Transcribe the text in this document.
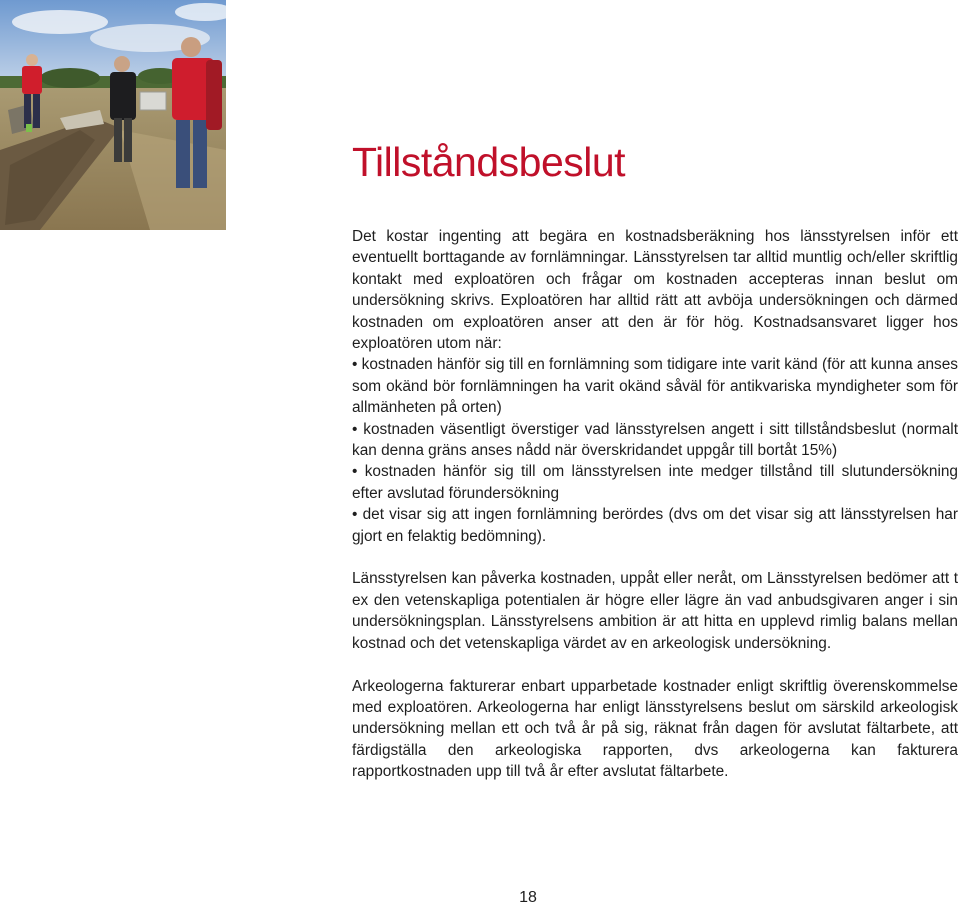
Tillståndsbeslut

Det kostar ingenting att begära en kostnadsberäkning hos länsstyrelsen inför ett eventuellt borttagande av fornlämningar. Länsstyrelsen tar alltid muntlig och/eller skriftlig kontakt med exploatören och frågar om kostnaden accepteras innan beslut om undersökning skrivs. Exploatören har alltid rätt att avböja undersökningen och därmed kostnaden om exploatören anser att den är för hög. Kostnadsansvaret ligger hos exploatören utom när:
• kostnaden hänför sig till en fornlämning som tidigare inte varit känd (för att kunna anses som okänd bör fornlämningen ha varit okänd såväl för antikvariska myndigheter som för allmänheten på orten)
• kostnaden väsentligt överstiger vad länsstyrelsen angett i sitt tillståndsbeslut (normalt kan denna gräns anses nådd när överskridandet uppgår till bortåt 15%)
• kostnaden hänför sig till om länsstyrelsen inte medger tillstånd till slutundersökning efter avslutad förundersökning
• det visar sig att ingen fornlämning berördes (dvs om det visar sig att länsstyrelsen har gjort en felaktig bedömning).

Länsstyrelsen kan påverka kostnaden, uppåt eller neråt, om Länsstyrelsen bedömer att t ex den vetenskapliga potentialen är högre eller lägre än vad anbudsgivaren anger i sin undersökningsplan. Länsstyrelsens ambition är att hitta en upplevd rimlig balans mellan kostnad och det vetenskapliga värdet av en arkeologisk undersökning.

Arkeologerna fakturerar enbart upparbetade kostnader enligt skriftlig överenskommelse med exploatören. Arkeologerna har enligt länsstyrelsens beslut om särskild arkeologisk undersökning mellan ett och två år på sig, räknat från dagen för avslutat fältarbete, att färdigställa den arkeologiska rapporten, dvs arkeologerna kan fakturera rapportkostnaden upp till två år efter avslutat fältarbete.

18
